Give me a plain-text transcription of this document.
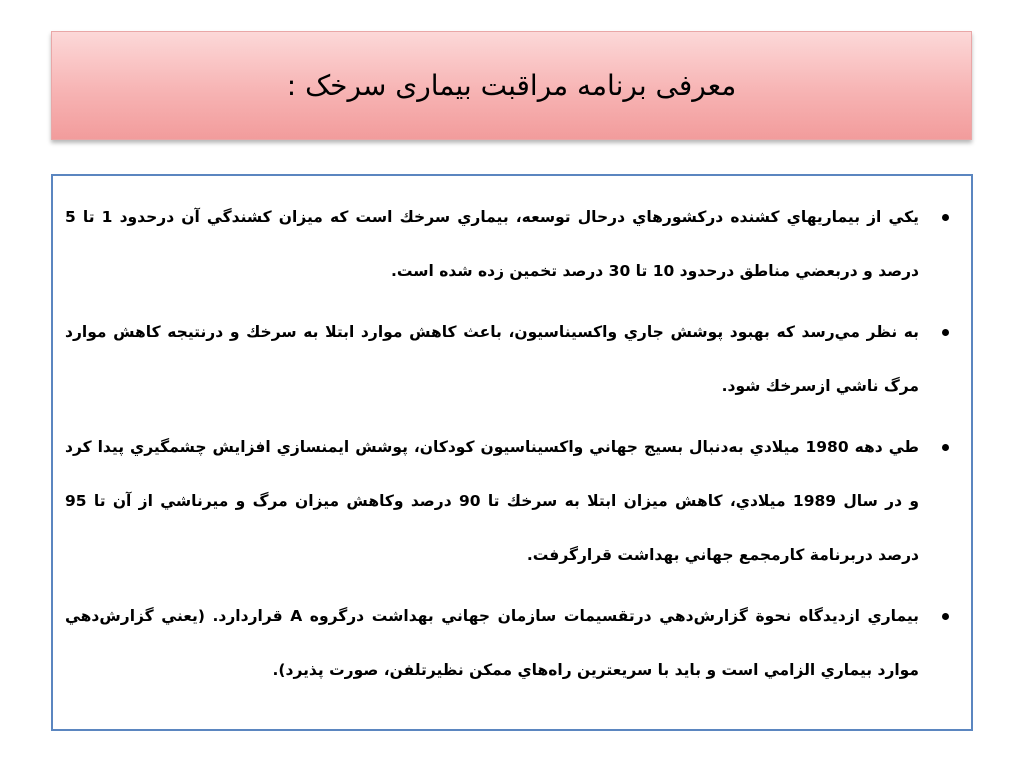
معرفی برنامه مراقبت بیماری سرخک :
يكي از بيماريهاي كشنده دركشورهاي درحال توسعه، بيماري سرخك است كه ميزان كشندگي آن درحدود 1 تا 5 درصد و دربعضي مناطق درحدود 10 تا 30 درصد تخمين زده شده است.
به نظر مي‌رسد كه بهبود پوشش جاري واكسيناسيون، باعث كاهش موارد ابتلا به سرخك و درنتيجه كاهش موارد مرگ ناشي ازسرخك شود.
طي دهه 1980 ميلادي به‌دنبال بسيج جهاني واكسيناسيون كودكان، پوشش ايمنسازي افزايش چشمگيري پيدا كرد و در سال 1989 ميلادي، كاهش ميزان ابتلا به سرخك تا 90 درصد وكاهش ميزان مرگ و ميرناشي از آن تا 95 درصد دربرنامة كارمجمع جهاني بهداشت قرارگرفت.
بيماري ازديدگاه نحوة گزارش‌دهي درتقسيمات سازمان جهاني بهداشت درگروه A قراردارد. (يعني گزارش‌دهي موارد بيماري الزامي است و بايد با سريعترين راه‌هاي ممكن نظيرتلفن، صورت پذيرد).
